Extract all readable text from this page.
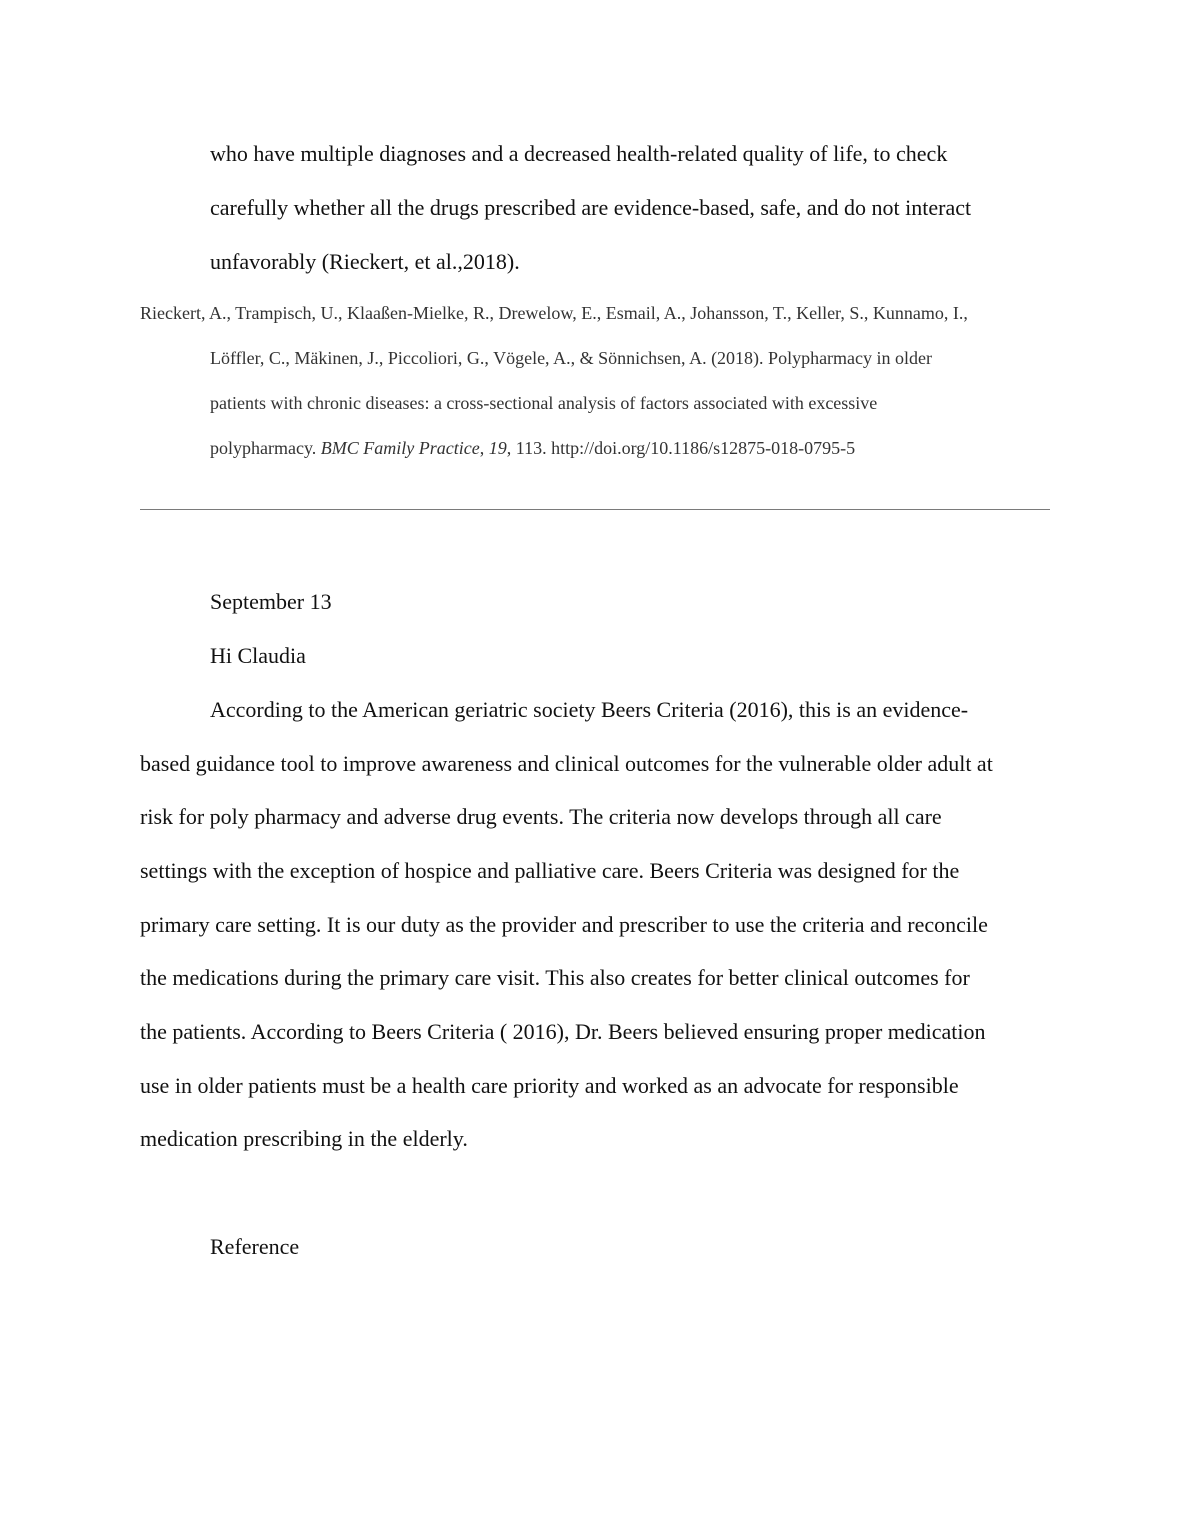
who have multiple diagnoses and a decreased health-related quality of life, to check
carefully whether all the drugs prescribed are evidence-based, safe, and do not interact
unfavorably (Rieckert, et al.,2018).
Rieckert, A., Trampisch, U., Klaaßen-Mielke, R., Drewelow, E., Esmail, A., Johansson, T., Keller, S., Kunnamo, I.,
Löffler, C., Mäkinen, J., Piccoliori, G., Vögele, A., & Sönnichsen, A. (2018). Polypharmacy in older
patients with chronic diseases: a cross-sectional analysis of factors associated with excessive
polypharmacy. BMC Family Practice, 19, 113. http://doi.org/10.1186/s12875-018-0795-5
September 13
Hi Claudia
According to the American geriatric society Beers Criteria (2016), this is an evidence-
based guidance tool to improve awareness and clinical outcomes for the vulnerable older adult at
risk for poly pharmacy and adverse drug events. The criteria now develops through all care
settings with the exception of hospice and palliative care. Beers Criteria was designed for the
primary care setting. It is our duty as the provider and prescriber to use the criteria and reconcile
the medications during the primary care visit. This also creates for better clinical outcomes for
the patients. According to Beers Criteria ( 2016), Dr. Beers believed ensuring proper medication
use in older patients must be a health care priority and worked as an advocate for responsible
medication prescribing in the elderly.
Reference
